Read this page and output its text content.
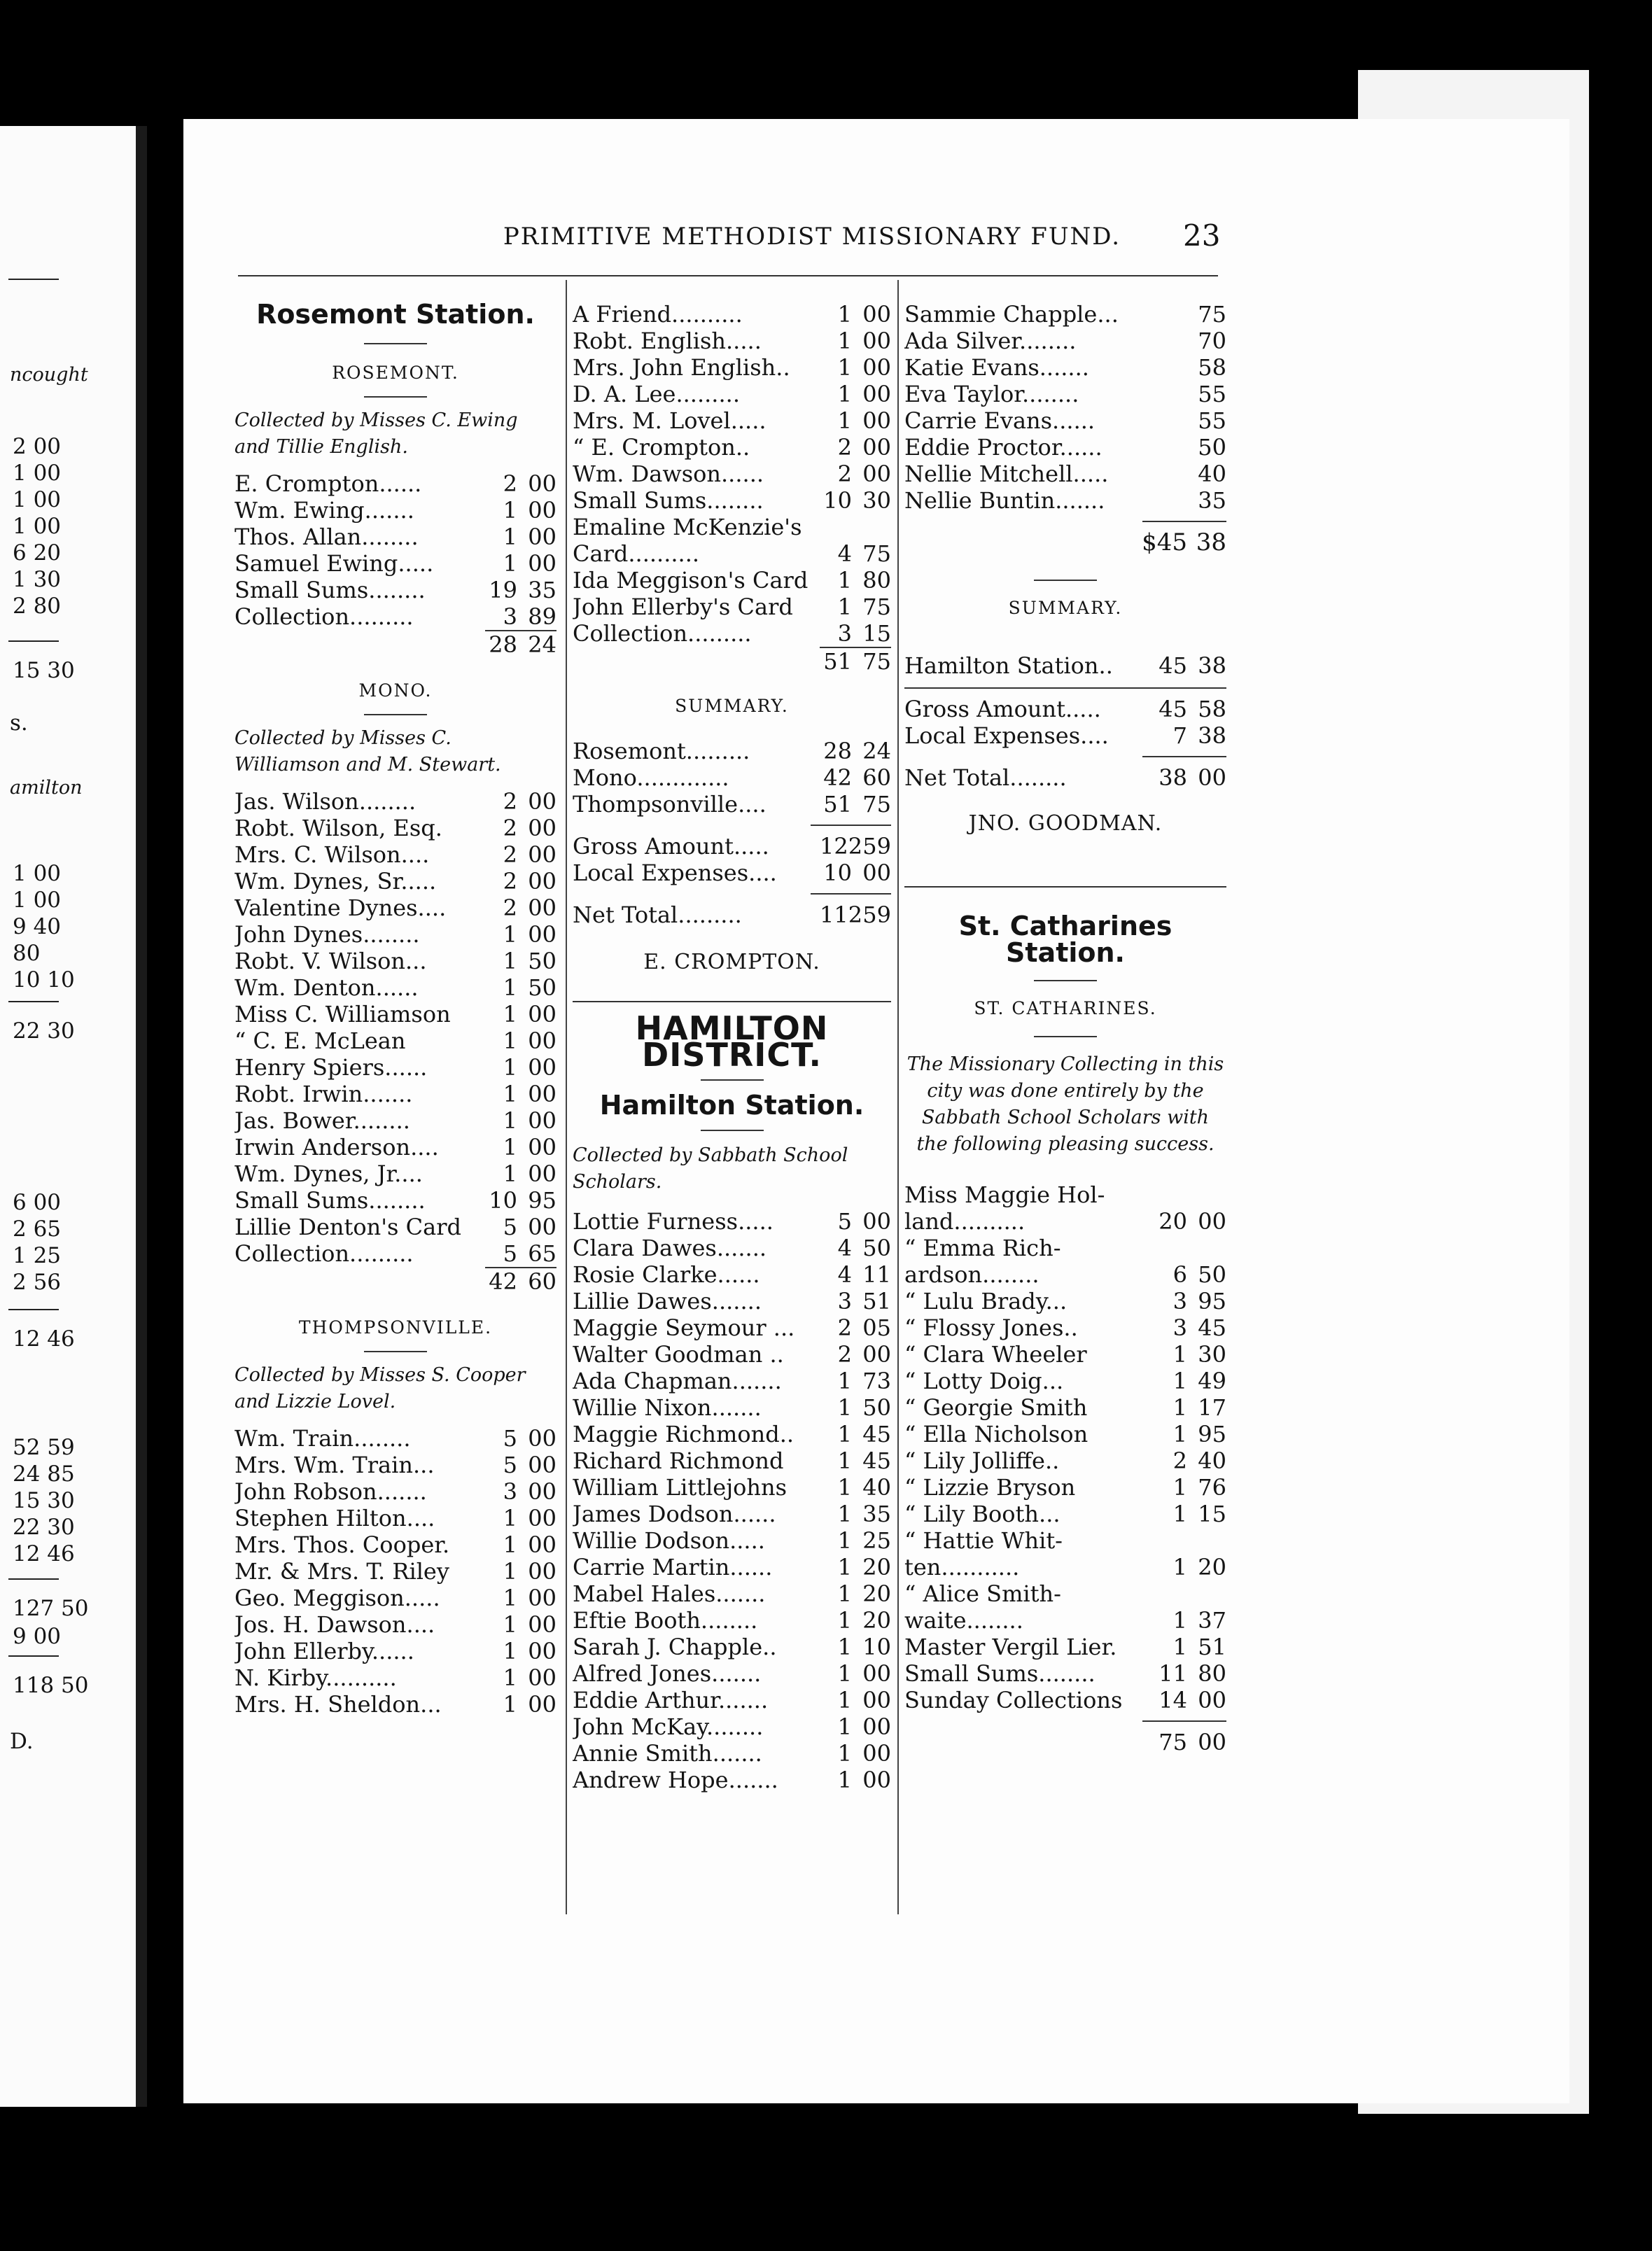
ncought
2 00
1 00
1 00
1 00
6 20
1 30
2 80
15 30
s.
amilton
1 00
1 00
9 40
80
10 10
22 30
6 00
2 65
1 25
2 56
12 46
52 59
24 85
15 30
22 30
12 46
127 50
9 00
118 50
D.
PRIMITIVE METHODIST MISSIONARY FUND.	23
Rosemont Station.
ROSEMONT.
Collected by Misses C. Ewing and Tillie English.
E. Crompton......	2 00
Wm. Ewing.......	1 00
Thos. Allan........	1 00
Samuel Ewing.....	1 00
Small Sums........	19 35
Collection.........	3 89
28 24
MONO.
Collected by Misses C. Williamson and M. Stewart.
Jas. Wilson........	2 00
Robt. Wilson, Esq.	2 00
Mrs. C. Wilson....	2 00
Wm. Dynes, Sr.....	2 00
Valentine Dynes....	2 00
John Dynes........	1 00
Robt. V. Wilson...	1 50
Wm. Denton......	1 50
Miss C. Williamson	1 00
“ C. E. McLean	1 00
Henry Spiers......	1 00
Robt. Irwin.......	1 00
Jas. Bower........	1 00
Irwin Anderson....	1 00
Wm. Dynes, Jr....	1 00
Small Sums........	10 95
Lillie Denton's Card	5 00
Collection.........	5 65
42 60
THOMPSONVILLE.
Collected by Misses S. Cooper and Lizzie Lovel.
Wm. Train........	5 00
Mrs. Wm. Train...	5 00
John Robson.......	3 00
Stephen Hilton....	1 00
Mrs. Thos. Cooper.	1 00
Mr. & Mrs. T. Riley	1 00
Geo. Meggison.....	1 00
Jos. H. Dawson....	1 00
John Ellerby......	1 00
N. Kirby..........	1 00
Mrs. H. Sheldon...	1 00
A Friend..........	1 00
Robt. English.....	1 00
Mrs. John English..	1 00
D. A. Lee.........	1 00
Mrs. M. Lovel.....	1 00
“ E. Crompton..	2 00
Wm. Dawson......	2 00
Small Sums........	10 30
Emaline McKenzie's
Card..........	4 75
Ida Meggison's Card	1 80
John Ellerby's Card	1 75
Collection.........	3 15
51 75
SUMMARY.
Rosemont.........	28 24
Mono.............	42 60
Thompsonville....	51 75
Gross Amount.....	122 59
Local Expenses....	10 00
Net Total.........	112 59
E. CROMPTON.
HAMILTON DISTRICT.
Hamilton Station.
Collected by Sabbath School Scholars.
Lottie Furness.....	5 00
Clara Dawes.......	4 50
Rosie Clarke......	4 11
Lillie Dawes.......	3 51
Maggie Seymour ...	2 05
Walter Goodman ..	2 00
Ada Chapman.......	1 73
Willie Nixon.......	1 50
Maggie Richmond..	1 45
Richard Richmond	1 45
William Littlejohns	1 40
James Dodson......	1 35
Willie Dodson.....	1 25
Carrie Martin......	1 20
Mabel Hales.......	1 20
Eftie Booth........	1 20
Sarah J. Chapple..	1 10
Alfred Jones.......	1 00
Eddie Arthur.......	1 00
John McKay........	1 00
Annie Smith.......	1 00
Andrew Hope.......	1 00
Sammie Chapple...	75
Ada Silver........	70
Katie Evans.......	58
Eva Taylor........	55
Carrie Evans......	55
Eddie Proctor......	50
Nellie Mitchell.....	40
Nellie Buntin.......	35
$45 38
SUMMARY.
Hamilton Station..	45 38
Gross Amount.....	45 58
Local Expenses....	7 38
Net Total........	38 00
JNO. GOODMAN.
St. Catharines Station.
ST. CATHARINES.
The Missionary Collecting in this city was done entirely by the Sabbath School Scholars with the following pleasing success.
Miss Maggie Hol-
land..........	20 00
“ Emma Rich-
ardson........	6 50
“ Lulu Brady...	3 95
“ Flossy Jones..	3 45
“ Clara Wheeler	1 30
“ Lotty Doig...	1 49
“ Georgie Smith	1 17
“ Ella Nicholson	1 95
“ Lily Jolliffe..	2 40
“ Lizzie Bryson	1 76
“ Lily Booth...	1 15
“ Hattie Whit-
ten...........	1 20
“ Alice Smith-
waite........	1 37
Master Vergil Lier.	1 51
Small Sums........	11 80
Sunday Collections	14 00
75 00
